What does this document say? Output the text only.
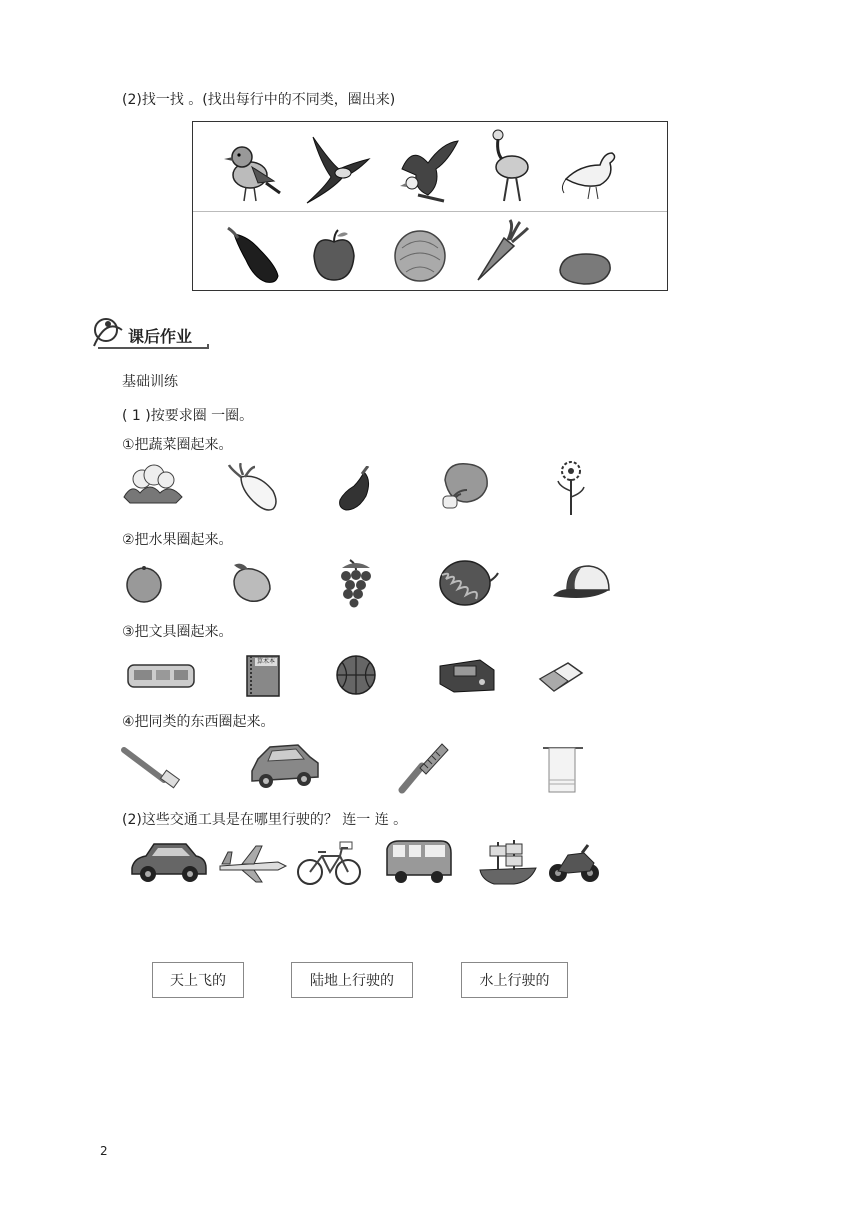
(2)找一找 。(找出每行中的不同类，圈出来)
课后作业
基础训练
( 1 )按要求圈 一圈。
①把蔬菜圈起来。
②把水果圈起来。
③把文具圈起来。
算术本
④把同类的东西圈起来。
(2)这些交通工具是在哪里行驶的？ 连一 连 。
天上飞的	陆地上行驶的	水上行驶的
2
